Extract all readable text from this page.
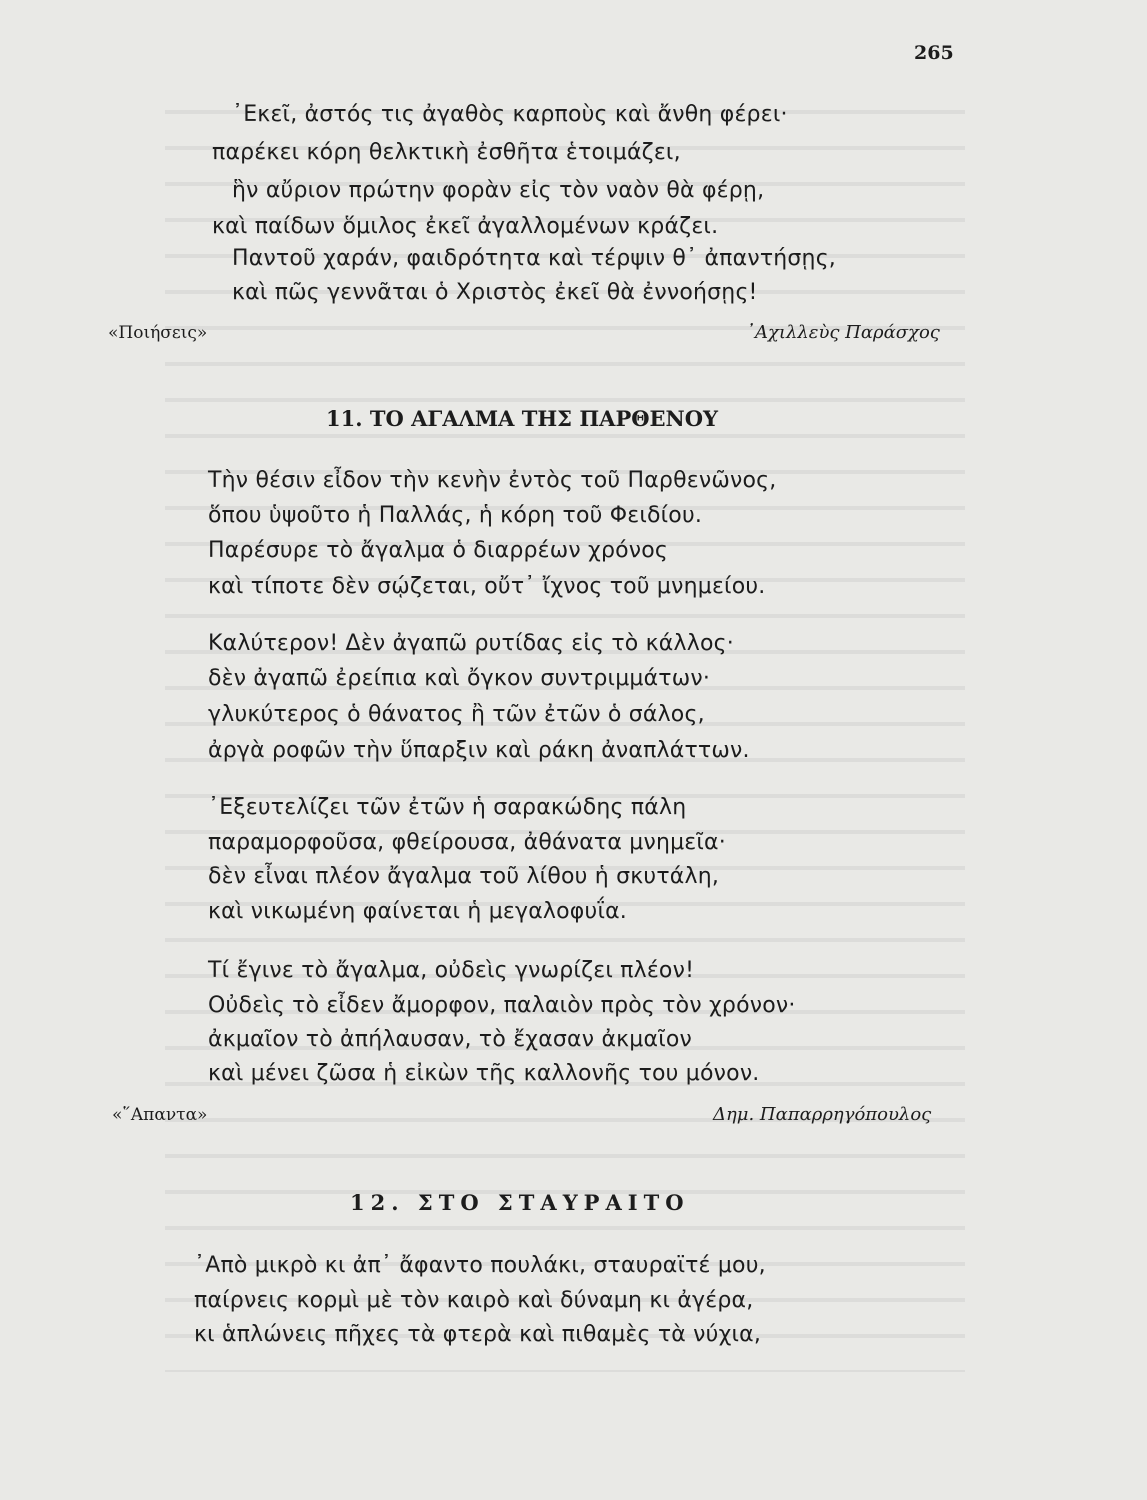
265
᾿Εκεῖ, ἀστός τις ἀγαθὸς καρποὺς καὶ ἄνθη φέρει·
παρέκει κόρη θελκτικὴ ἐσθῆτα ἑτοιμάζει,
ἣν αὔριον πρώτην φορὰν εἰς τὸν ναὸν θὰ φέρῃ,
καὶ παίδων ὅμιλος ἐκεῖ ἀγαλλομένων κράζει.
Παντοῦ χαράν, φαιδρότητα καὶ τέρψιν θ᾿ ἀπαντήσῃς,
καὶ πῶς γεννᾶται ὁ Χριστὸς ἐκεῖ θὰ ἐννοήσῃς!
«Ποιήσεις»	᾿Αχιλλεὺς Παράσχος
11. ΤΟ ΑΓΑΛΜΑ ΤΗΣ ΠΑΡΘΕΝΟΥ
Τὴν θέσιν εἶδον τὴν κενὴν ἐντὸς τοῦ Παρθενῶνος,
ὅπου ὑψοῦτο ἡ Παλλάς, ἡ κόρη τοῦ Φειδίου.
Παρέσυρε τὸ ἄγαλμα ὁ διαρρέων χρόνος
καὶ τίποτε δὲν σῴζεται, οὔτ᾿ ἴχνος τοῦ μνημείου.
Καλύτερον! Δὲν ἀγαπῶ ρυτίδας εἰς τὸ κάλλος·
δὲν ἀγαπῶ ἐρείπια καὶ ὄγκον συντριμμάτων·
γλυκύτερος ὁ θάνατος ἢ τῶν ἐτῶν ὁ σάλος,
ἀργὰ ροφῶν τὴν ὕπαρξιν καὶ ράκη ἀναπλάττων.
᾿Εξευτελίζει τῶν ἐτῶν ἡ σαρακώδης πάλη
παραμορφοῦσα, φθείρουσα, ἀθάνατα μνημεῖα·
δὲν εἶναι πλέον ἄγαλμα τοῦ λίθου ἡ σκυτάλη,
καὶ νικωμένη φαίνεται ἡ μεγαλοφυΐα.
Τί ἔγινε τὸ ἄγαλμα, οὐδεὶς γνωρίζει πλέον!
Οὐδεὶς τὸ εἶδεν ἄμορφον, παλαιὸν πρὸς τὸν χρόνον·
ἀκμαῖον τὸ ἀπήλαυσαν, τὸ ἔχασαν ἀκμαῖον
καὶ μένει ζῶσα ἡ εἰκὼν τῆς καλλονῆς του μόνον.
«῞Απαντα»	Δημ. Παπαρρηγόπουλος
12. ΣΤΟ ΣΤΑΥΡΑΙΤΟ
᾿Απὸ μικρὸ κι ἀπ᾿ ἄφαντο πουλάκι, σταυραϊτέ μου,
παίρνεις κορμὶ μὲ τὸν καιρὸ καὶ δύναμη κι ἀγέρα,
κι ἁπλώνεις πῆχες τὰ φτερὰ καὶ πιθαμὲς τὰ νύχια,
